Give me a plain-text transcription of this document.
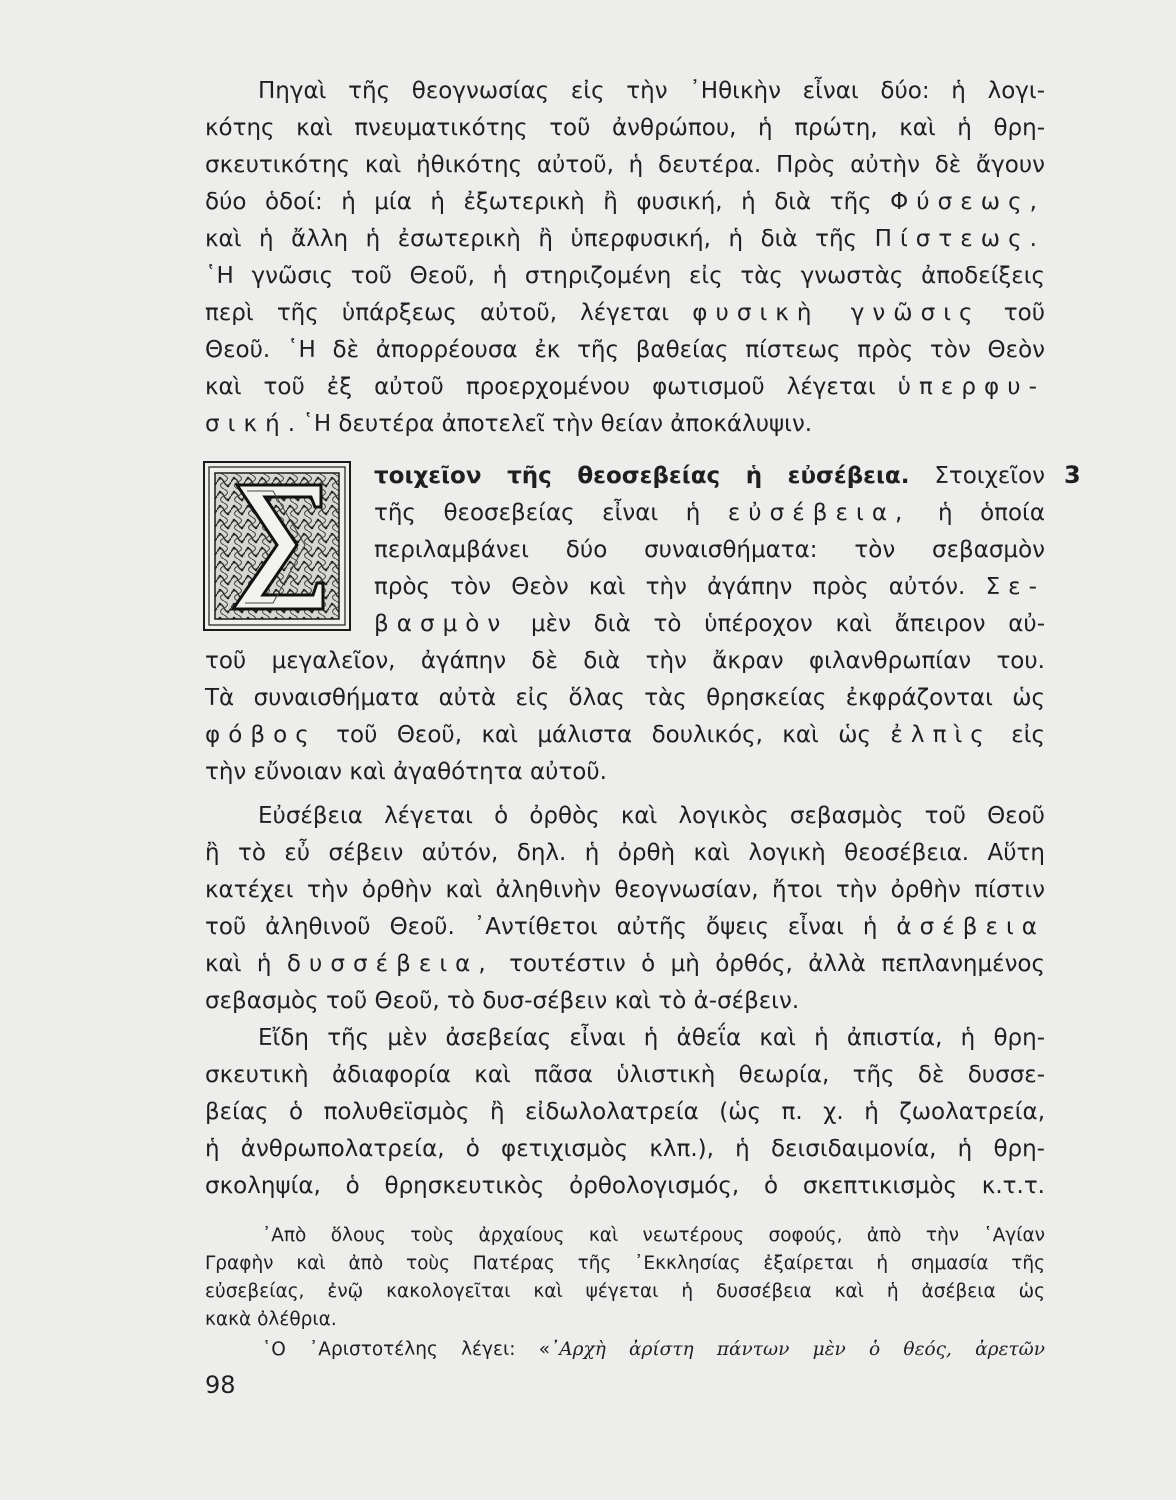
Πηγαὶ τῆς θεογνωσίας εἰς τὴν ᾿Ηθικὴν εἶναι δύο: ἡ λογι-
κότης καὶ πνευματικότης τοῦ ἀνθρώπου, ἡ πρώτη, καὶ ἡ θρη-
σκευτικότης καὶ ἠθικότης αὐτοῦ, ἡ δευτέρα. Πρὸς αὐτὴν δὲ ἄγουν
δύο ὁδοί: ἡ μία ἡ ἐξωτερικὴ ἢ φυσική, ἡ διὰ τῆς Φύσεως,
καὶ ἡ ἄλλη ἡ ἐσωτερικὴ ἢ ὑπερφυσική, ἡ διὰ τῆς Πίστεως.
῾Η γνῶσις τοῦ Θεοῦ, ἡ στηριζομένη εἰς τὰς γνωστὰς ἀποδείξεις
περὶ τῆς ὑπάρξεως αὐτοῦ, λέγεται φυσικὴ γνῶσις τοῦ
Θεοῦ. ῾Η δὲ ἀπορρέουσα ἐκ τῆς βαθείας πίστεως πρὸς τὸν Θεὸν
καὶ τοῦ ἐξ αὐτοῦ προερχομένου φωτισμοῦ λέγεται ὑπερφυ-
σική. ῾Η δευτέρα ἀποτελεῖ τὴν θείαν ἀποκάλυψιν.
τοιχεῖον τῆς θεοσεβείας ἡ εὐσέβεια. Στοιχεῖον
τῆς θεοσεβείας εἶναι ἡ εὐσέβεια, ἡ ὁποία
περιλαμβάνει δύο συναισθήματα: τὸν σεβασμὸν
πρὸς τὸν Θεὸν καὶ τὴν ἀγάπην πρὸς αὐτόν. Σε-
βασμὸν μὲν διὰ τὸ ὑπέροχον καὶ ἄπειρον αὐ-
τοῦ μεγαλεῖον, ἀγάπην δὲ διὰ τὴν ἄκραν φιλανθρωπίαν του.
Τὰ συναισθήματα αὐτὰ εἰς ὅλας τὰς θρησκείας ἐκφράζονται ὡς
φόβος τοῦ Θεοῦ, καὶ μάλιστα δουλικός, καὶ ὡς ἐλπὶς εἰς
τὴν εὔνοιαν καὶ ἀγαθότητα αὐτοῦ.
3
Εὐσέβεια λέγεται ὁ ὀρθὸς καὶ λογικὸς σεβασμὸς τοῦ Θεοῦ
ἢ τὸ εὖ σέβειν αὐτόν, δηλ. ἡ ὀρθὴ καὶ λογικὴ θεοσέβεια. Αὕτη
κατέχει τὴν ὀρθὴν καὶ ἀληθινὴν θεογνωσίαν, ἤτοι τὴν ὀρθὴν πίστιν
τοῦ ἀληθινοῦ Θεοῦ. ᾿Αντίθετοι αὐτῆς ὄψεις εἶναι ἡ ἀσέβεια
καὶ ἡ δυσσέβεια, τουτέστιν ὁ μὴ ὀρθός, ἀλλὰ πεπλανημένος
σεβασμὸς τοῦ Θεοῦ, τὸ δυσ-σέβειν καὶ τὸ ἀ-σέβειν.
Εἴδη τῆς μὲν ἀσεβείας εἶναι ἡ ἀθεΐα καὶ ἡ ἀπιστία, ἡ θρη-
σκευτικὴ ἀδιαφορία καὶ πᾶσα ὑλιστικὴ θεωρία, τῆς δὲ δυσσε-
βείας ὁ πολυθεϊσμὸς ἢ εἰδωλολατρεία (ὡς π. χ. ἡ ζωολατρεία,
ἡ ἀνθρωπολατρεία, ὁ φετιχισμὸς κλπ.), ἡ δεισιδαιμονία, ἡ θρη-
σκοληψία, ὁ θρησκευτικὸς ὀρθολογισμός, ὁ σκεπτικισμὸς κ.τ.τ.
᾿Απὸ ὅλους τοὺς ἀρχαίους καὶ νεωτέρους σοφούς, ἀπὸ τὴν ῾Αγίαν
Γραφὴν καὶ ἀπὸ τοὺς Πατέρας τῆς ᾿Εκκλησίας ἐξαίρεται ἡ σημασία τῆς
εὐσεβείας, ἐνῷ κακολογεῖται καὶ ψέγεται ἡ δυσσέβεια καὶ ἡ ἀσέβεια ὡς
κακὰ ὀλέθρια.
῾Ο ᾿Αριστοτέλης λέγει: «᾿Αρχὴ ἀρίστη πάντων μὲν ὁ θεός, ἀρετῶν
98
